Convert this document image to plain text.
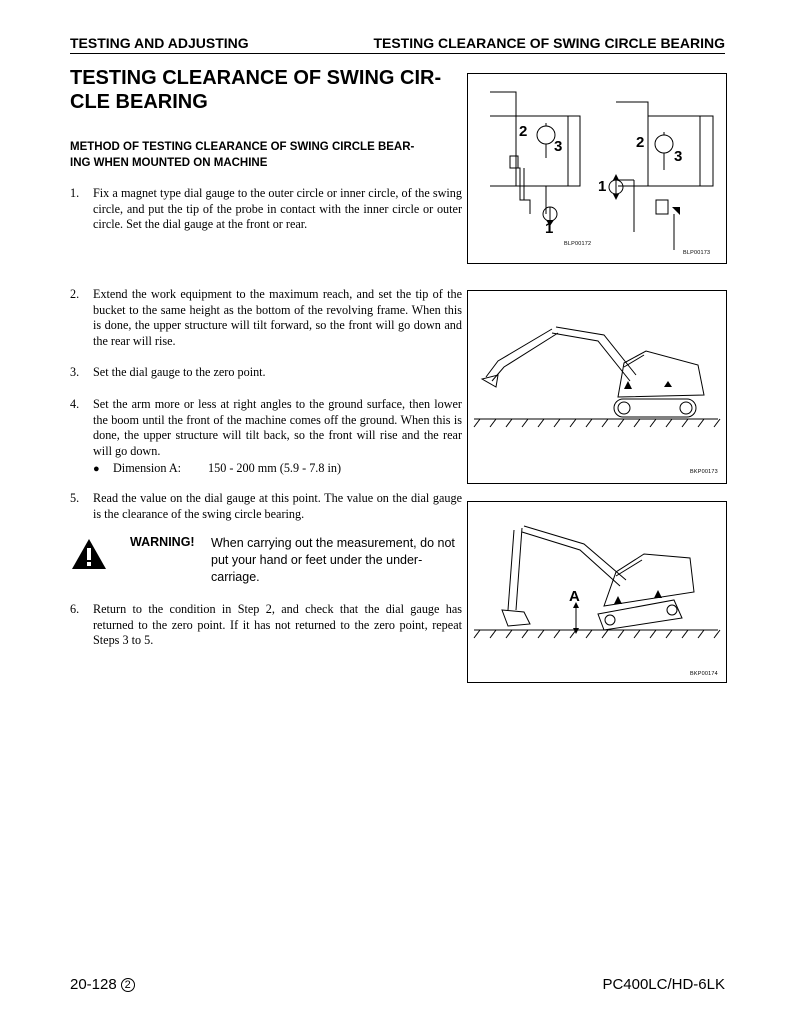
TESTING AND ADJUSTING	TESTING CLEARANCE OF SWING CIRCLE BEARING
TESTING CLEARANCE OF SWING CIR-
CLE BEARING
METHOD OF TESTING CLEARANCE OF SWING CIRCLE BEAR-
ING WHEN MOUNTED ON MACHINE
1. Fix a magnet type dial gauge to the outer circle or inner circle, of the swing circle, and put the tip of the probe in contact with the inner circle or outer circle. Set the dial gauge at the front or rear.
2. Extend the work equipment to the maximum reach, and set the tip of the bucket to the same height as the bottom of the revolving frame. When this is done, the upper structure will tilt forward, so the front will go down and the rear will rise.
3. Set the dial gauge to the zero point.
4. Set the arm more or less at right angles to the ground surface, then lower the boom until the front of the machine comes off the ground. When this is done, the upper structure will tilt back, so the front will rise and the rear will go down.
● Dimension A: 150 - 200 mm (5.9 - 7.8 in)
5. Read the value on the dial gauge at this point. The value on the dial gauge is the clearance of the swing circle bearing.
WARNING! When carrying out the measurement, do not put your hand or feet under the under-carriage.
6. Return to the condition in Step 2, and check that the dial gauge has returned to the zero point. If it has not returned to the zero point, repeat Steps 3 to 5.
2
3
1
2
3
1
BLP00172
BLP00173
BKP00173
A
BKP00174
20-128 2	PC400LC/HD-6LK
